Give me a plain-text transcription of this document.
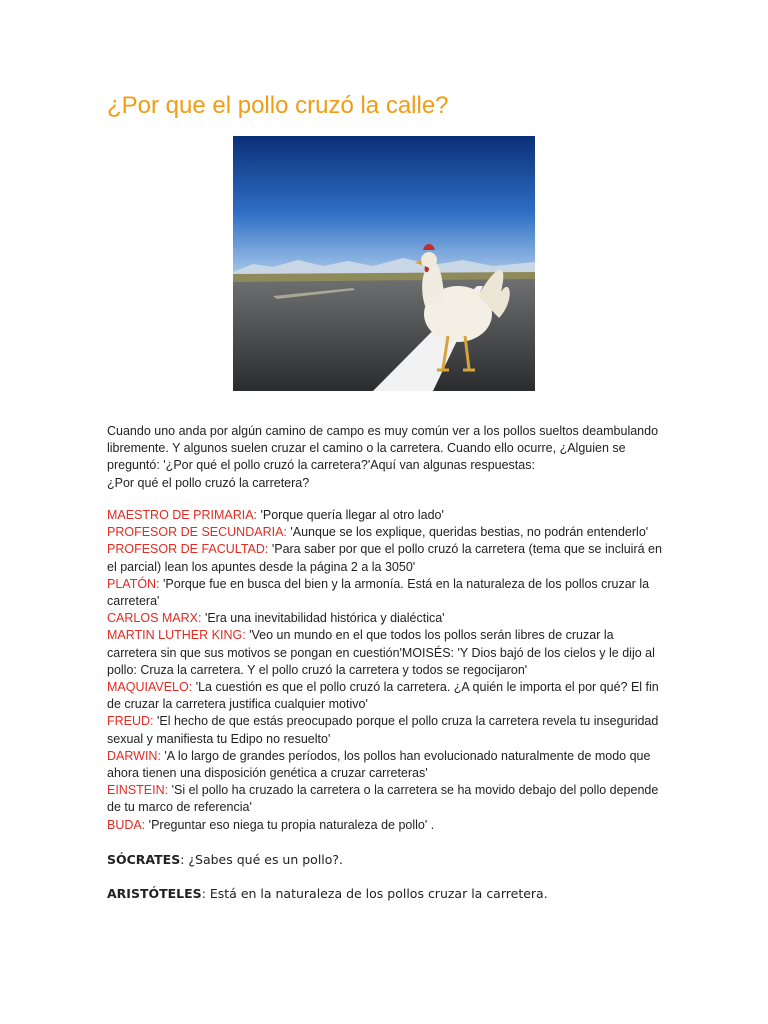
¿Por que el pollo cruzó la calle?
Cuando uno anda por algún camino de campo es muy común ver a los pollos sueltos deambulando
libremente. Y algunos suelen cruzar el camino o la carretera. Cuando ello ocurre, ¿Alguien se
preguntó: '¿Por qué el pollo cruzó la carretera?'Aquí van algunas respuestas:
¿Por qué el pollo cruzó la carretera?
MAESTRO DE PRIMARIA: 'Porque quería llegar al otro lado'
PROFESOR DE SECUNDARIA: 'Aunque se los explique, queridas bestias, no podrán entenderlo'
PROFESOR DE FACULTAD: 'Para saber por que el pollo cruzó la carretera (tema que se incluirá en el parcial) lean los apuntes desde la página 2 a la 3050'
PLATÓN: 'Porque fue en busca del bien y la armonía. Está en la naturaleza de los pollos cruzar la carretera'
CARLOS MARX: 'Era una inevitabilidad histórica y dialéctica'
MARTIN LUTHER KING: 'Veo un mundo en el que todos los pollos serán libres de cruzar la carretera sin que sus motivos se pongan en cuestión'MOISÉS: 'Y Dios bajó de los cielos y le dijo al pollo: Cruza la carretera. Y el pollo cruzó la carretera y todos se regocijaron'
MAQUIAVELO: 'La cuestión es que el pollo cruzó la carretera. ¿A quién le importa el por qué? El fin de cruzar la carretera justifica cualquier motivo'
FREUD: 'El hecho de que estás preocupado porque el pollo cruza la carretera revela tu inseguridad sexual y manifiesta tu Edipo no resuelto'
DARWIN: 'A lo largo de grandes períodos, los pollos han evolucionado naturalmente de modo que ahora tienen una disposición genética a cruzar carreteras'
EINSTEIN: 'Si el pollo ha cruzado la carretera o la carretera se ha movido debajo del pollo depende de tu marco de referencia'
BUDA: 'Preguntar eso niega tu propia naturaleza de pollo' .

SÓCRATES: ¿Sabes qué es un pollo?.

ARISTÓTELES: Está en la naturaleza de los pollos cruzar la carretera.
